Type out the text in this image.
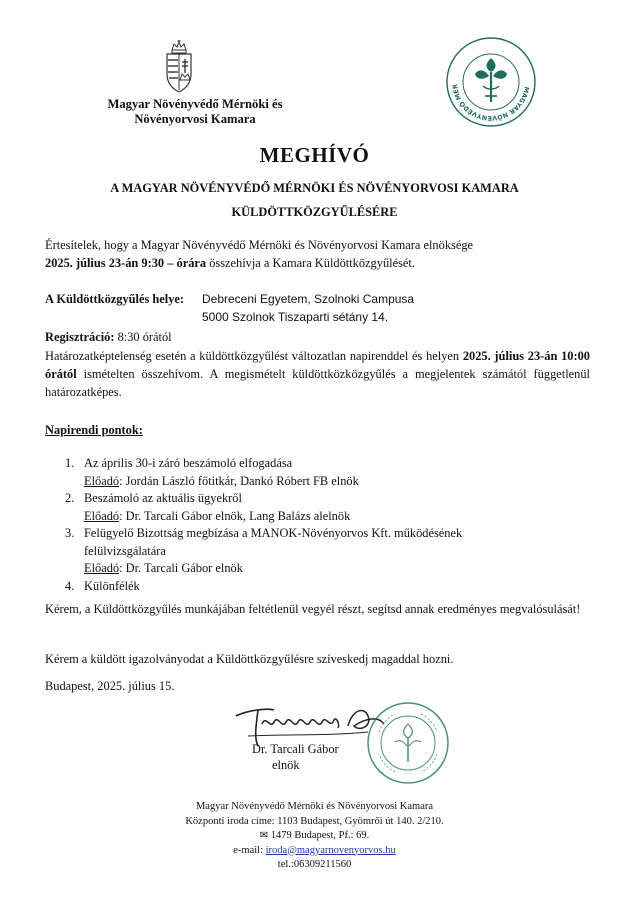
Magyar Növényvédő Mérnöki és
Növényorvosi Kamara
MAGYAR NÖVÉNYVÉDŐ MÉR
MEGHÍVÓ
A MAGYAR NÖVÉNYVÉDŐ MÉRNÖKI ÉS NÖVÉNYORVOSI KAMARA
KÜLDÖTTKÖZGYŰLÉSÉRE
Értesítelek, hogy a Magyar Növényvédő Mérnöki és Növényorvosi Kamara elnöksége
2025. július 23-án 9:30 – órára összehívja a Kamara Küldöttközgyűlését.
A Küldöttközgyűlés helye:	Debreceni Egyetem, Szolnoki Campusa
5000 Szolnok Tiszaparti sétány 14.
Regisztráció: 8:30 órától
Határozatképtelenség esetén a küldöttközgyűlést változatlan napirenddel és helyen 2025. július 23-án 10:00 órától ismételten összehívom. A megismételt küldöttközközgyűlés a megjelentek számától függetlenül határozatképes.
Napirendi pontok:
1. Az április 30-i záró beszámoló elfogadása
Előadó: Jordán László főtitkár, Dankó Róbert FB elnök
2. Beszámoló az aktuális ügyekről
Előadó: Dr. Tarcali Gábor elnök, Lang Balázs alelnök
3. Felügyelő Bizottság megbízása a MANOK-Növényorvos Kft. működésének felülvizsgálatára
Előadó: Dr. Tarcali Gábor elnök
4. Különfélék
Kérem, a Küldöttközgyűlés munkájában feltétlenül vegyél részt, segítsd annak eredményes megvalósulását!
Kérem a küldött igazolványodat a Küldöttközgyűlésre szíveskedj magaddal hozni.
Budapest, 2025. július 15.
Dr. Tarcali Gábor
elnök
Magyar Növényvédő Mérnöki és Növényorvosi Kamara
Központi iroda címe: 1103 Budapest, Gyömrői út 140. 2/210.
✉ 1479 Budapest, Pf.: 69.
e-mail: iroda@magyarnovenyorvos.hu
tel.:06309211560
